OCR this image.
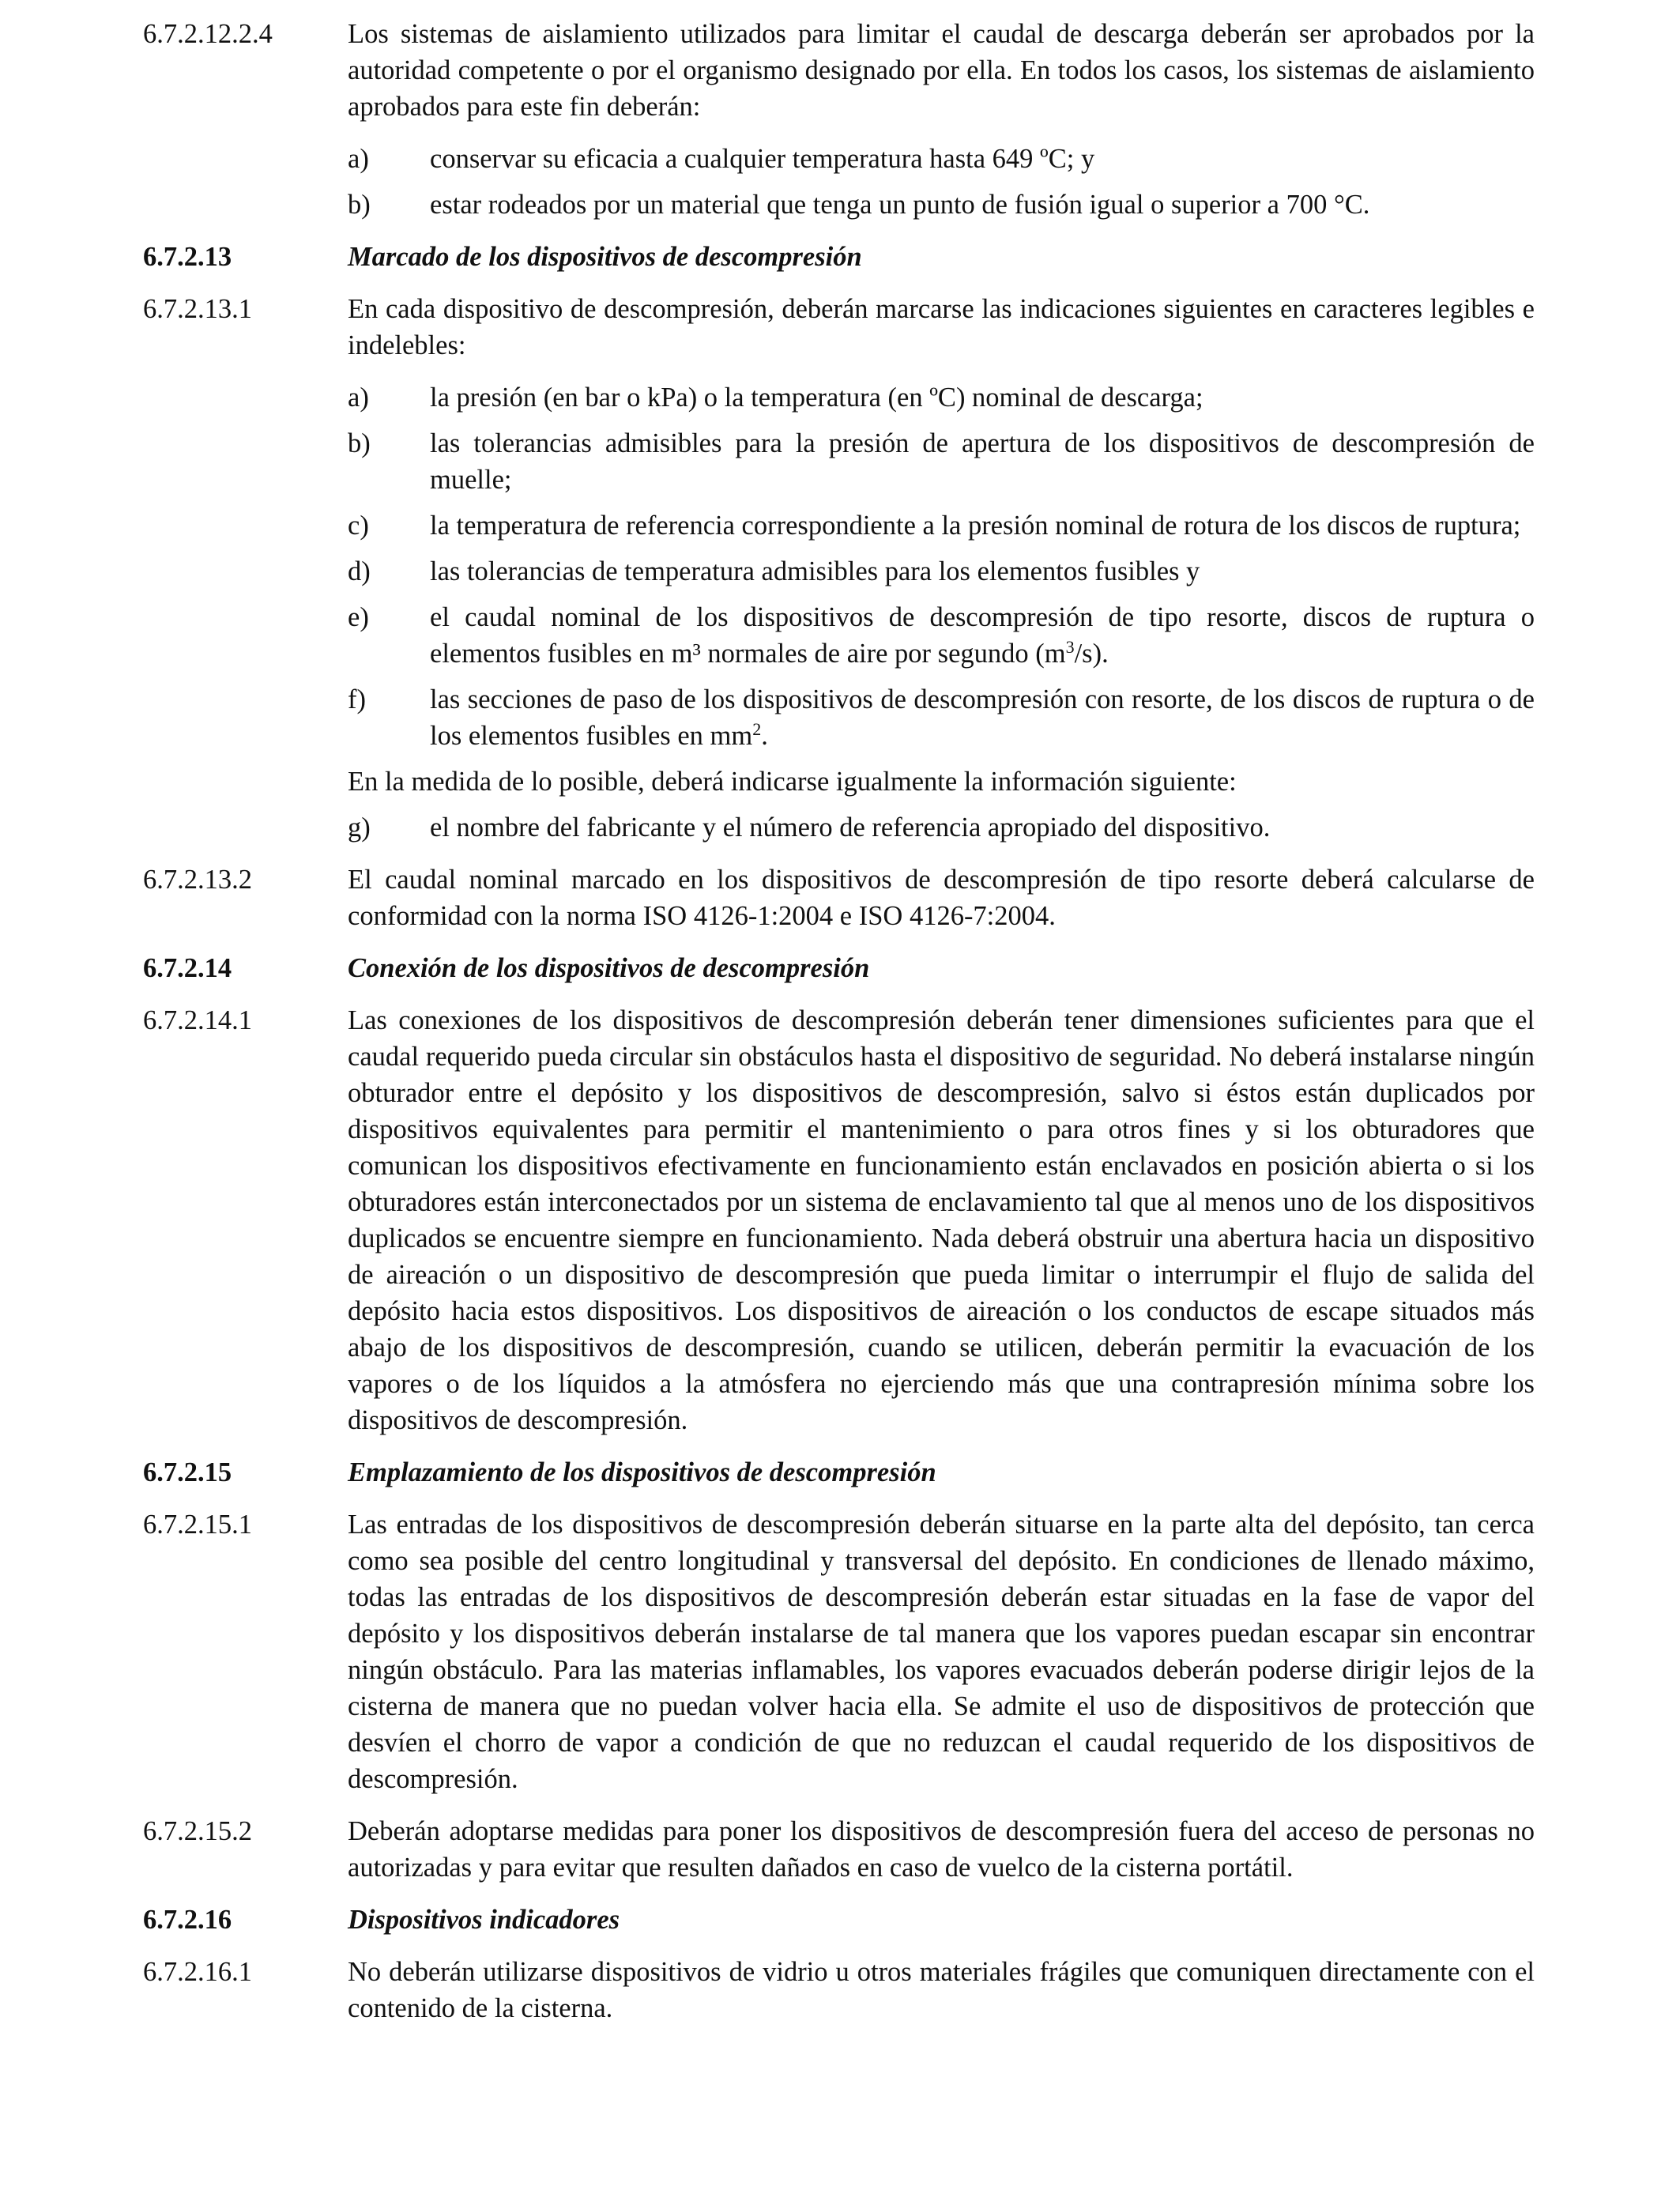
6.7.2.12.2.4	Los sistemas de aislamiento utilizados para limitar el caudal de descarga deberán ser aprobados por la autoridad competente o por el organismo designado por ella. En todos los casos, los sistemas de aislamiento aprobados para este fin deberán:
a) conservar su eficacia a cualquier temperatura hasta 649 ºC; y
b) estar rodeados por un material que tenga un punto de fusión igual o superior a 700 °C.
6.7.2.13	Marcado de los dispositivos de descompresión
6.7.2.13.1	En cada dispositivo de descompresión, deberán marcarse las indicaciones siguientes en caracteres legibles e indelebles:
a) la presión (en bar o kPa) o la temperatura (en ºC) nominal de descarga;
b) las tolerancias admisibles para la presión de apertura de los dispositivos de descompresión de muelle;
c) la temperatura de referencia correspondiente a la presión nominal de rotura de los discos de ruptura;
d) las tolerancias de temperatura admisibles para los elementos fusibles y
e) el caudal nominal de los dispositivos de descompresión de tipo resorte, discos de ruptura o elementos fusibles en m³ normales de aire por segundo $(m^3/s)$.
f) las secciones de paso de los dispositivos de descompresión con resorte, de los discos de ruptura o de los elementos fusibles en $mm^2$.
En la medida de lo posible, deberá indicarse igualmente la información siguiente:
g) el nombre del fabricante y el número de referencia apropiado del dispositivo.
6.7.2.13.2	El caudal nominal marcado en los dispositivos de descompresión de tipo resorte deberá calcularse de conformidad con la norma ISO 4126-1:2004 e ISO 4126-7:2004.
6.7.2.14	Conexión de los dispositivos de descompresión
6.7.2.14.1	Las conexiones de los dispositivos de descompresión deberán tener dimensiones suficientes para que el caudal requerido pueda circular sin obstáculos hasta el dispositivo de seguridad. No deberá instalarse ningún obturador entre el depósito y los dispositivos de descompresión, salvo si éstos están duplicados por dispositivos equivalentes para permitir el mantenimiento o para otros fines y si los obturadores que comunican los dispositivos efectivamente en funcionamiento están enclavados en posición abierta o si los obturadores están interconectados por un sistema de enclavamiento tal que al menos uno de los dispositivos duplicados se encuentre siempre en funcionamiento. Nada deberá obstruir una abertura hacia un dispositivo de aireación o un dispositivo de descompresión que pueda limitar o interrumpir el flujo de salida del depósito hacia estos dispositivos. Los dispositivos de aireación o los conductos de escape situados más abajo de los dispositivos de descompresión, cuando se utilicen, deberán permitir la evacuación de los vapores o de los líquidos a la atmósfera no ejerciendo más que una contrapresión mínima sobre los dispositivos de descompresión.
6.7.2.15	Emplazamiento de los dispositivos de descompresión
6.7.2.15.1	Las entradas de los dispositivos de descompresión deberán situarse en la parte alta del depósito, tan cerca como sea posible del centro longitudinal y transversal del depósito. En condiciones de llenado máximo, todas las entradas de los dispositivos de descompresión deberán estar situadas en la fase de vapor del depósito y los dispositivos deberán instalarse de tal manera que los vapores puedan escapar sin encontrar ningún obstáculo. Para las materias inflamables, los vapores evacuados deberán poderse dirigir lejos de la cisterna de manera que no puedan volver hacia ella. Se admite el uso de dispositivos de protección que desvíen el chorro de vapor a condición de que no reduzcan el caudal requerido de los dispositivos de descompresión.
6.7.2.15.2	Deberán adoptarse medidas para poner los dispositivos de descompresión fuera del acceso de personas no autorizadas y para evitar que resulten dañados en caso de vuelco de la cisterna portátil.
6.7.2.16	Dispositivos indicadores
6.7.2.16.1	No deberán utilizarse dispositivos de vidrio u otros materiales frágiles que comuniquen directamente con el contenido de la cisterna.
